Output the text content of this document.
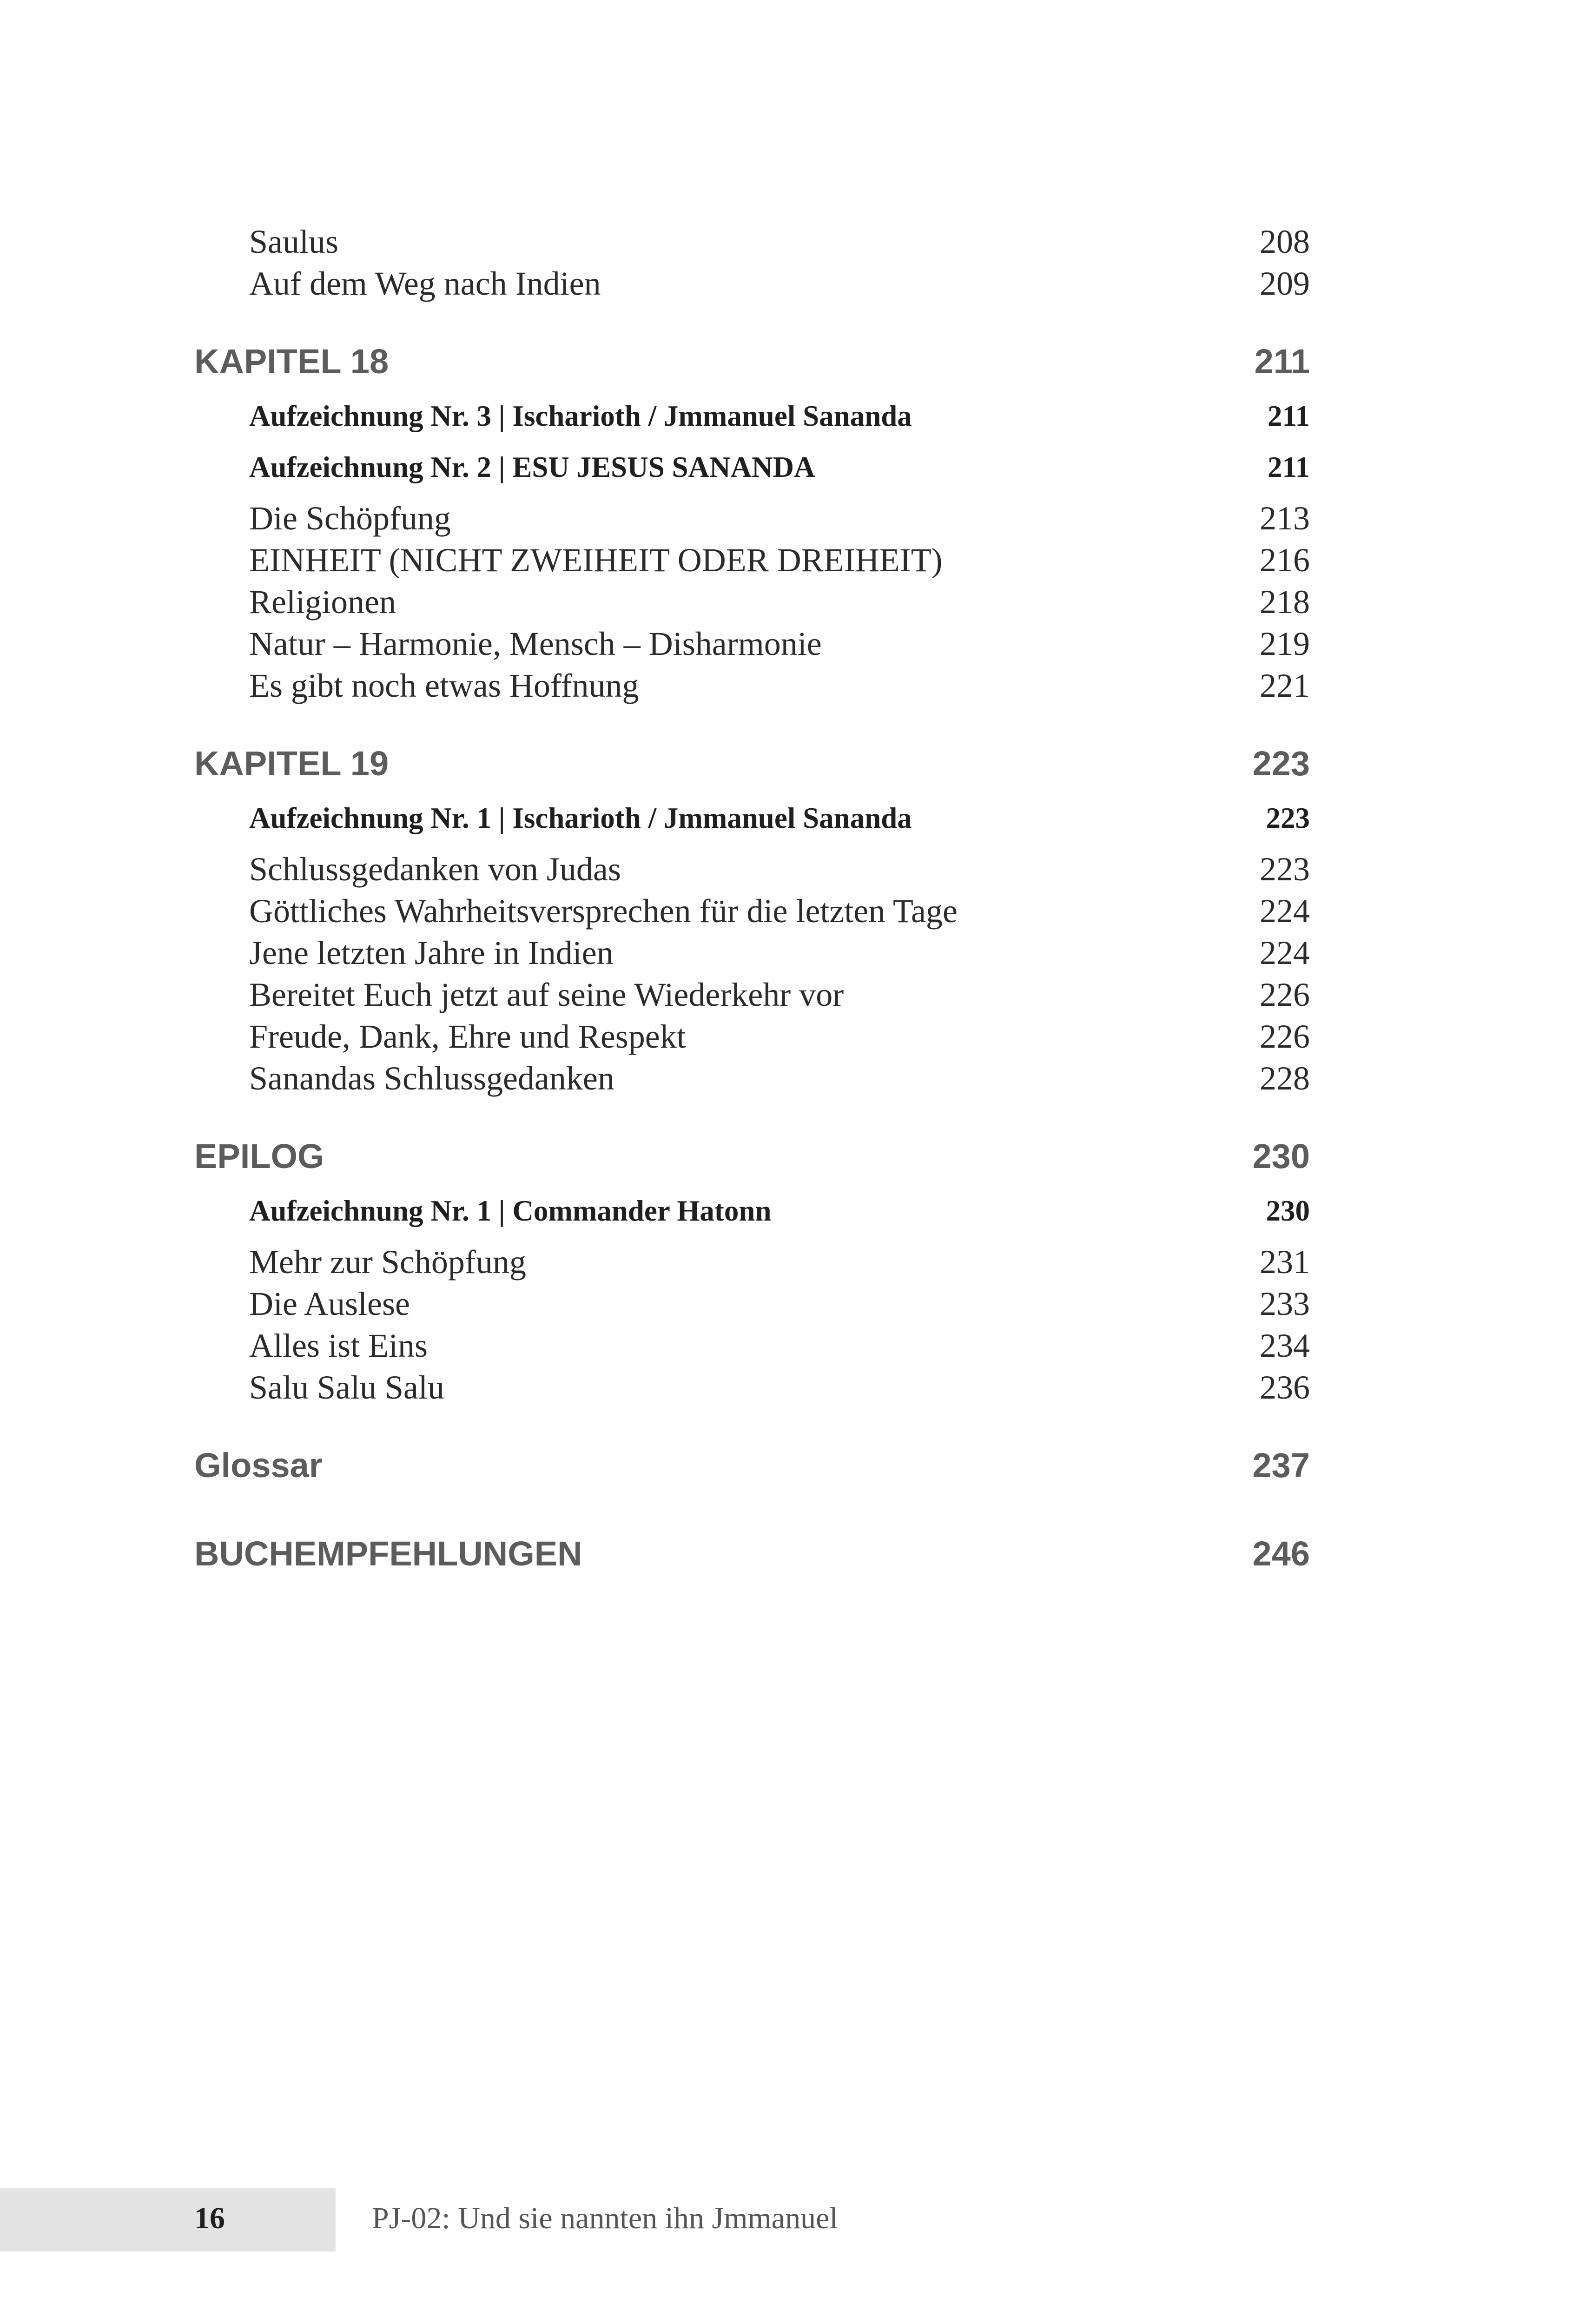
Saulus	208
Auf dem Weg nach Indien	209
KAPITEL 18	211
Aufzeichnung Nr. 3 | Ischarioth / Jmmanuel Sananda	211
Aufzeichnung Nr. 2 | ESU JESUS SANANDA	211
Die Schöpfung	213
EINHEIT (NICHT ZWEIHEIT ODER DREIHEIT)	216
Religionen	218
Natur – Harmonie, Mensch – Disharmonie	219
Es gibt noch etwas Hoffnung	221
KAPITEL 19	223
Aufzeichnung Nr. 1 | Ischarioth / Jmmanuel Sananda	223
Schlussgedanken von Judas	223
Göttliches Wahrheitsversprechen für die letzten Tage	224
Jene letzten Jahre in Indien	224
Bereitet Euch jetzt auf seine Wiederkehr vor	226
Freude, Dank, Ehre und Respekt	226
Sanandas Schlussgedanken	228
EPILOG	230
Aufzeichnung Nr. 1 | Commander Hatonn	230
Mehr zur Schöpfung	231
Die Auslese	233
Alles ist Eins	234
Salu Salu Salu	236
Glossar	237
BUCHEMPFEHLUNGEN	246
16	PJ-02: Und sie nannten ihn Jmmanuel
